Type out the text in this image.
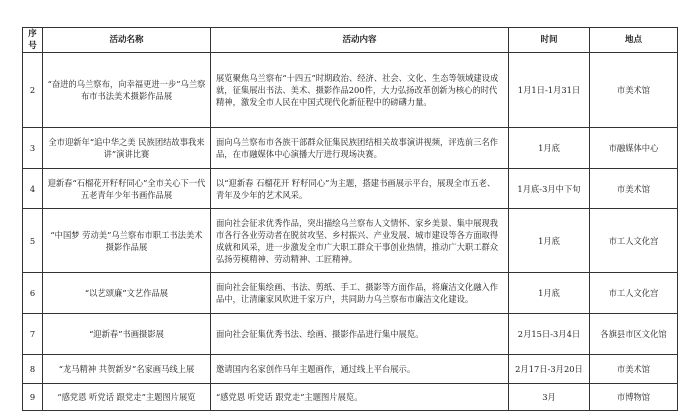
序号	活动名称	活动内容	时间	地点
2	“奋进的乌兰察布，向幸福更进一步”乌兰察布市书法美术摄影作品展	展览聚焦乌兰察布“十四五”时期政治、经济、社会、文化、生态等领域建设成就，征集展出书法、美术、摄影作品200件，大力弘扬改革创新为核心的时代精神，激发全市人民在中国式现代化新征程中的磅礴力量。	1月1日-1月31日	市美术馆
3	全市迎新年“追中华之美 民族团结故事我来讲”演讲比赛	面向乌兰察布市各族干部群众征集民族团结相关故事演讲视频，评选前三名作品，在市融媒体中心演播大厅进行现场决赛。	1月底	市融媒体中心
4	迎新春“石榴花开籽籽同心”全市关心下一代五老青年少年书画作品展	以“迎新春 石榴花开 籽籽同心”为主题，搭建书画展示平台，展现全市五老、青年及少年的艺术风采。	1月底-3月中下旬	市美术馆
5	“中国梦 劳动美”乌兰察布市职工书法美术摄影作品展	面向社会征求优秀作品，突出描绘乌兰察布人文情怀、家乡美景、集中展现我市各行各业劳动者在脱贫攻坚、乡村振兴、产业发展、城市建设等各方面取得成就和风采，进一步激发全市广大职工群众干事创业热情，推动广大职工群众弘扬劳模精神、劳动精神、工匠精神。	1月底	市工人文化宫
6	“以艺颂廉”文艺作品展	面向社会征集绘画、书法、剪纸、手工、摄影等方面作品，将廉洁文化融入作品中，让清廉家风吹进千家万户，共同助力乌兰察布市廉洁文化建设。	1月底	市工人文化宫
7	“迎新春”书画摄影展	面向社会征集优秀书法、绘画、摄影作品进行集中展览。	2月15日-3月4日	各旗县市区文化馆
8	“龙马精神 共贺新岁”名家画马线上展	邀请国内名家创作马年主题画作，通过线上平台展示。	2月17日-3月20日	市美术馆
9	“感党恩 听党话 跟党走”主题图片展览	“感党恩 听党话 跟党走”主题图片展览。	3月	市博物馆
